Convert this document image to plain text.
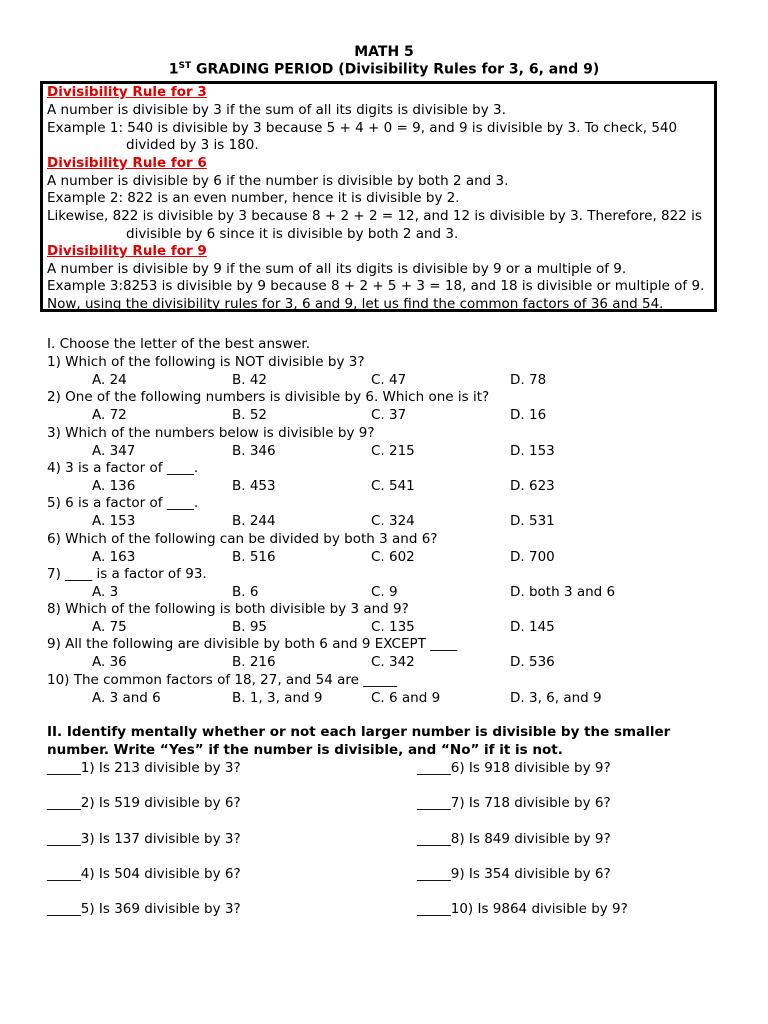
MATH 5
1ST GRADING PERIOD (Divisibility Rules for 3, 6, and 9)
Divisibility Rule for 3
A number is divisible by 3 if the sum of all its digits is divisible by 3.
Example 1: 540 is divisible by 3 because 5 + 4 + 0 = 9, and 9 is divisible by 3. To check, 540
divided by 3 is 180.
Divisibility Rule for 6
A number is divisible by 6 if the number is divisible by both 2 and 3.
Example 2: 822 is an even number, hence it is divisible by 2.
Likewise, 822 is divisible by 3 because 8 + 2 + 2 = 12, and 12 is divisible by 3. Therefore, 822 is
divisible by 6 since it is divisible by both 2 and 3.
Divisibility Rule for 9
A number is divisible by 9 if the sum of all its digits is divisible by 9 or a multiple of 9.
Example 3:8253 is divisible by 9 because 8 + 2 + 5 + 3 = 18, and 18 is divisible or multiple of 9.
Now, using the divisibility rules for 3, 6 and 9, let us find the common factors of 36 and 54.
I. Choose the letter of the best answer.
1) Which of the following is NOT divisible by 3?
A. 24	B. 42	C. 47	D. 78
2) One of the following numbers is divisible by 6. Which one is it?
A. 72	B. 52	C. 37	D. 16
3) Which of the numbers below is divisible by 9?
A. 347	B. 346	C. 215	D. 153
4) 3 is a factor of ____.
A. 136	B. 453	C. 541	D. 623
5) 6 is a factor of ____.
A. 153	B. 244	C. 324	D. 531
6) Which of the following can be divided by both 3 and 6?
A. 163	B. 516	C. 602	D. 700
7) ____ is a factor of 93.
A. 3	B. 6	C. 9	D. both 3 and 6
8) Which of the following is both divisible by 3 and 9?
A. 75	B. 95	C. 135	D. 145
9) All the following are divisible by both 6 and 9 EXCEPT ____
A. 36	B. 216	C. 342	D. 536
10) The common factors of 18, 27, and 54 are _____
A. 3 and 6	B. 1, 3, and 9	C. 6 and 9	D. 3, 6, and 9
II. Identify mentally whether or not each larger number is divisible by the smaller
number. Write “Yes” if the number is divisible, and “No” if it is not.
_____1) Is 213 divisible by 3?
_____2) Is 519 divisible by 6?
_____3) Is 137 divisible by 3?
_____4) Is 504 divisible by 6?
_____5) Is 369 divisible by 3?
_____6) Is 918 divisible by 9?
_____7) Is 718 divisible by 6?
_____8) Is 849 divisible by 9?
_____9) Is 354 divisible by 6?
_____10) Is 9864 divisible by 9?
